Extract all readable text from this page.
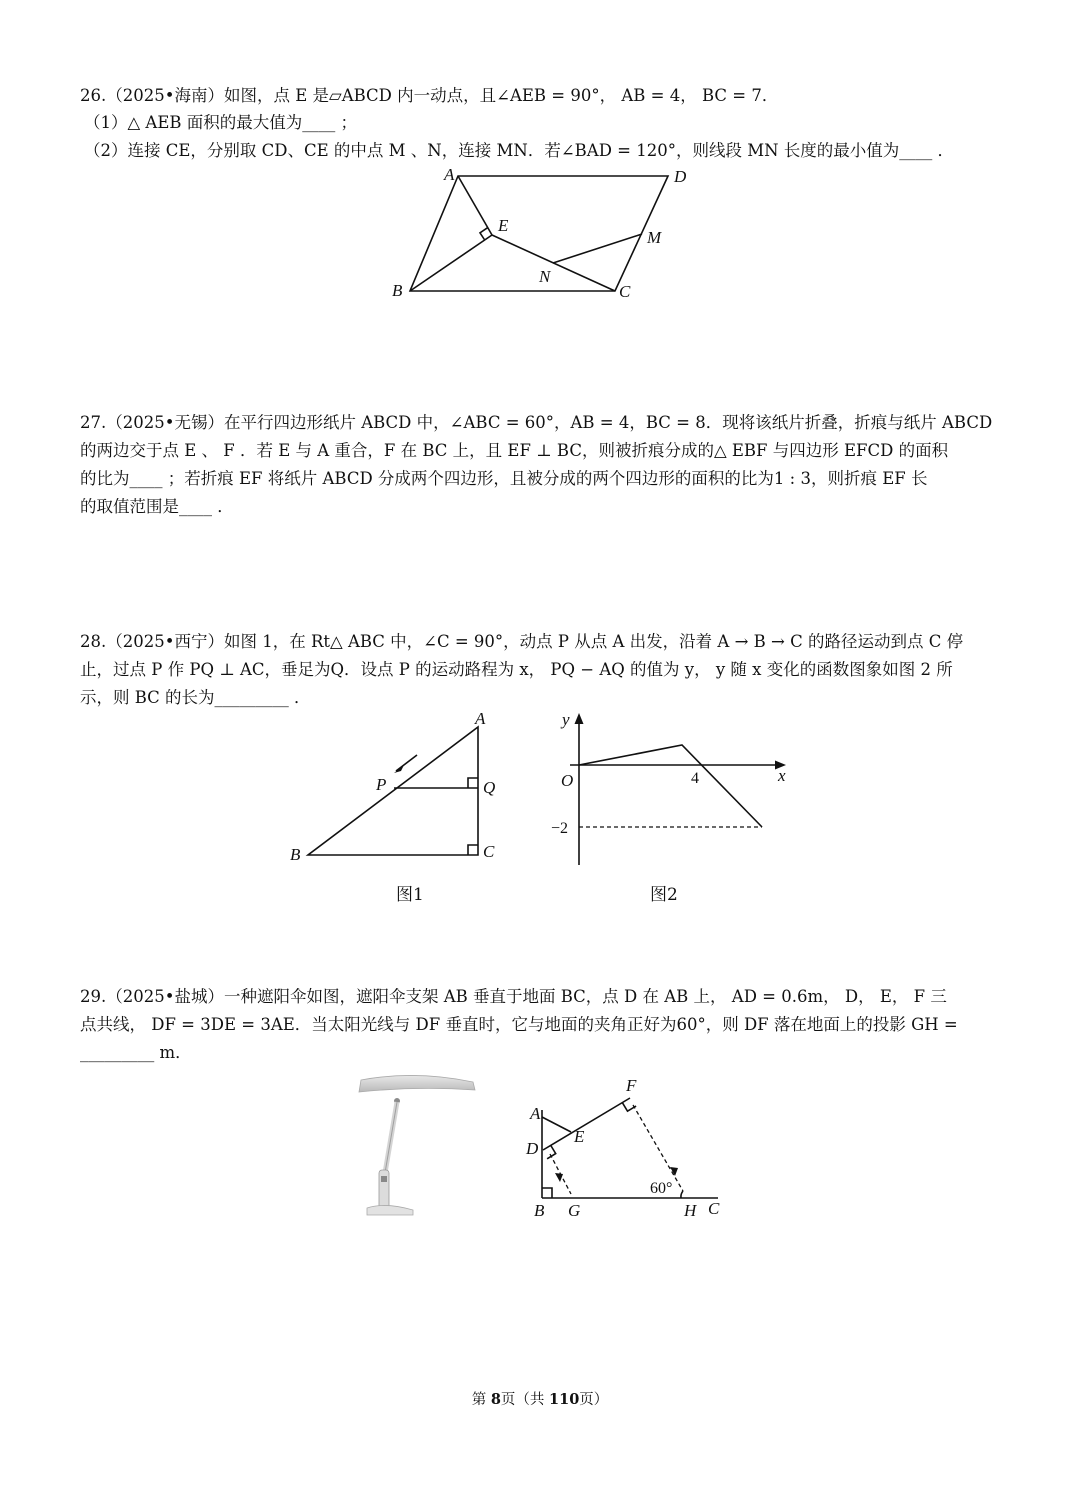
26.（2025•海南）如图，点 E 是▱ABCD 内一动点，且∠AEB = 90°， AB = 4， BC = 7．
（1）△ AEB 面积的最大值为____ ；
（2）连接 CE，分别取 CD、CE 的中点 M 、N，连接 MN．若∠BAD = 120°，则线段 MN 长度的最小值为____ ．
A	D
E
M
N
B	C
27.（2025•无锡）在平行四边形纸片 ABCD 中，∠ABC = 60°，AB = 4，BC = 8．现将该纸片折叠，折痕与纸片 ABCD
的两边交于点 E 、 F ．若 E 与 A 重合，F 在 BC 上，且 EF ⊥ BC，则被折痕分成的△ EBF 与四边形 EFCD 的面积
的比为____ ；若折痕 EF 将纸片 ABCD 分成两个四边形，且被分成的两个四边形的面积的比为1 : 3，则折痕 EF 长
的取值范围是____ ．
28.（2025•西宁）如图 1，在 Rt△ ABC 中，∠C = 90°，动点 P 从点 A 出发，沿着 A → B → C 的路径运动到点 C 停
止，过点 P 作 PQ ⊥ AC，垂足为Q．设点 P 的运动路程为 x， PQ − AQ 的值为 y， y 随 x 变化的函数图象如图 2 所
示，则 BC 的长为_________ ．
A
P	Q
B	C
图1
y
x
O	4
−2
图2
29.（2025•盐城）一种遮阳伞如图，遮阳伞支架 AB 垂直于地面 BC，点 D 在 AB 上， AD = 0.6m， D， E， F 三
点共线， DF = 3DE = 3AE．当太阳光线与 DF 垂直时，它与地面的夹角正好为60°，则 DF 落在地面上的投影 GH =
_________ m．
F
A
E
D
60°
B G	H C
第 8页（共 110页）
